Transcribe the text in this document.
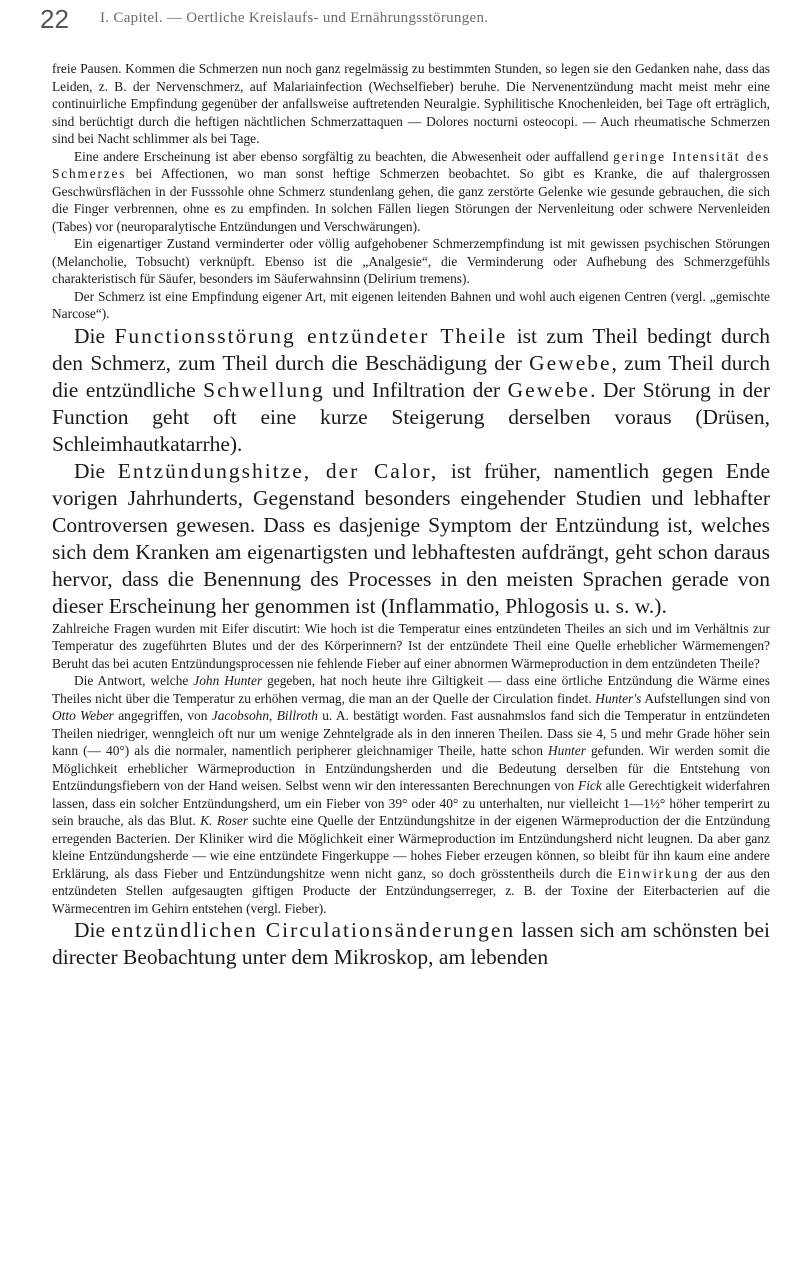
22 I. Capitel. — Oertliche Kreislaufs- und Ernährungsstörungen.

freie Pausen. Kommen die Schmerzen nun noch ganz regelmässig zu bestimmten Stunden, so legen sie den Gedanken nahe, dass das Leiden, z. B. der Nervenschmerz, auf Malariainfection (Wechselfieber) beruhe. Die Nervenentzündung macht meist mehr eine continuirliche Empfindung gegenüber der anfallsweise auftretenden Neuralgie. Syphilitische Knochenleiden, bei Tage oft erträglich, sind berüchtigt durch die heftigen nächtlichen Schmerzattaquen — Dolores nocturni osteocopi. — Auch rheumatische Schmerzen sind bei Nacht schlimmer als bei Tage.

Eine andere Erscheinung ist aber ebenso sorgfältig zu beachten, die Abwesenheit oder auffallend geringe Intensität des Schmerzes bei Affectionen, wo man sonst heftige Schmerzen beobachtet. So gibt es Kranke, die auf thalergrossen Geschwürsflächen in der Fusssohle ohne Schmerz stundenlang gehen, die ganz zerstörte Gelenke wie gesunde gebrauchen, die sich die Finger verbrennen, ohne es zu empfinden. In solchen Fällen liegen Störungen der Nervenleitung oder schwere Nervenleiden (Tabes) vor (neuroparalytische Entzündungen und Verschwärungen).

Ein eigenartiger Zustand verminderter oder völlig aufgehobener Schmerzempfindung ist mit gewissen psychischen Störungen (Melancholie, Tobsucht) verknüpft. Ebenso ist die „Analgesie“, die Verminderung oder Aufhebung des Schmerzgefühls charakteristisch für Säufer, besonders im Säuferwahnsinn (Delirium tremens).

Der Schmerz ist eine Empfindung eigener Art, mit eigenen leitenden Bahnen und wohl auch eigenen Centren (vergl. „gemischte Narcose“).

Die Functionsstörung entzündeter Theile ist zum Theil bedingt durch den Schmerz, zum Theil durch die Beschädigung der Gewebe, zum Theil durch die entzündliche Schwellung und Infiltration der Gewebe. Der Störung in der Function geht oft eine kurze Steigerung derselben voraus (Drüsen, Schleimhautkatarrhe).

Die Entzündungshitze, der Calor, ist früher, namentlich gegen Ende vorigen Jahrhunderts, Gegenstand besonders eingehender Studien und lebhafter Controversen gewesen. Dass es dasjenige Symptom der Entzündung ist, welches sich dem Kranken am eigenartigsten und lebhaftesten aufdrängt, geht schon daraus hervor, dass die Benennung des Processes in den meisten Sprachen gerade von dieser Erscheinung her genommen ist (Inflammatio, Phlogosis u. s. w.).

Zahlreiche Fragen wurden mit Eifer discutirt: Wie hoch ist die Temperatur eines entzündeten Theiles an sich und im Verhältnis zur Temperatur des zugeführten Blutes und der des Körperinnern? Ist der entzündete Theil eine Quelle erheblicher Wärmemengen? Beruht das bei acuten Entzündungsprocessen nie fehlende Fieber auf einer abnormen Wärmeproduction in dem entzündeten Theile?

Die Antwort, welche John Hunter gegeben, hat noch heute ihre Giltigkeit — dass eine örtliche Entzündung die Wärme eines Theiles nicht über die Temperatur zu erhöhen vermag, die man an der Quelle der Circulation findet. Hunter's Aufstellungen sind von Otto Weber angegriffen, von Jacobsohn, Billroth u. A. bestätigt worden. Fast ausnahmslos fand sich die Temperatur in entzündeten Theilen niedriger, wenngleich oft nur um wenige Zehntelgrade als in den inneren Theilen. Dass sie 4, 5 und mehr Grade höher sein kann (— 40°) als die normaler, namentlich peripherer gleichnamiger Theile, hatte schon Hunter gefunden. Wir werden somit die Möglichkeit erheblicher Wärmeproduction in Entzündungsherden und die Bedeutung derselben für die Entstehung von Entzündungsfiebern von der Hand weisen. Selbst wenn wir den interessanten Berechnungen von Fick alle Gerechtigkeit widerfahren lassen, dass ein solcher Entzündungsherd, um ein Fieber von 39° oder 40° zu unterhalten, nur vielleicht 1—1½° höher temperirt zu sein brauche, als das Blut. K. Roser suchte eine Quelle der Entzündungshitze in der eigenen Wärmeproduction der die Entzündung erregenden Bacterien. Der Kliniker wird die Möglichkeit einer Wärmeproduction im Entzündungsherd nicht leugnen. Da aber ganz kleine Entzündungsherde — wie eine entzündete Fingerkuppe — hohes Fieber erzeugen können, so bleibt für ihn kaum eine andere Erklärung, als dass Fieber und Entzündungshitze wenn nicht ganz, so doch grösstentheils durch die Einwirkung der aus den entzündeten Stellen aufgesaugten giftigen Producte der Entzündungserreger, z. B. der Toxine der Eiterbacterien auf die Wärmecentren im Gehirn entstehen (vergl. Fieber).

Die entzündlichen Circulationsänderungen lassen sich am schönsten bei directer Beobachtung unter dem Mikroskop, am lebenden
